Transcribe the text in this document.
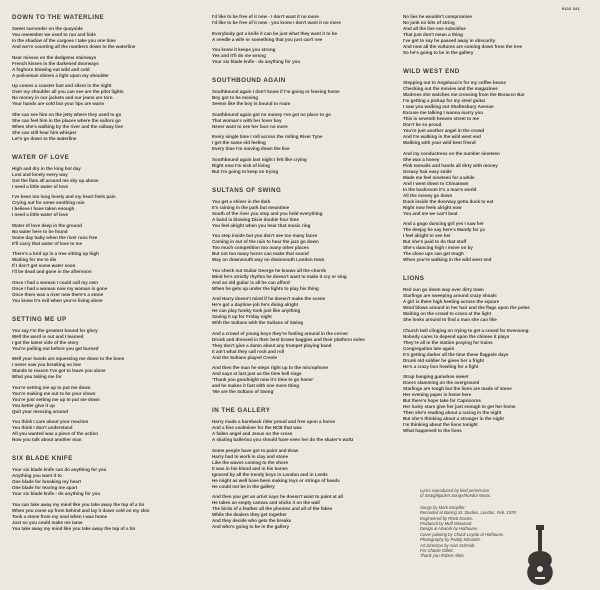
9102 021
DOWN TO THE WATERLINE
Sweet surrender on the quayside
You remember we used to run and hide
In the shadow of the cargoes I take you one time
And we're counting all the numbers down to the waterline
Near misses on the dodgems stairways
French kisses in the darkened doorways
A foghorn blowing out wild and cold
A policeman shines a light upon my shoulder
Up comes a coaster fast and silent in the night
Over my shoulder all you can see are the pilot lights
No money in our jackets and our jeans are torn
Your hands are cold but your lips are warm
She can see him on the jetty where they used to go
She can feel him in the places where the sailors go
When she's walking by the river and the railway line
She can still hear him whisper
Let's go down to the waterline
WATER OF LOVE
High and dry in the long hot day
Lost and lonely every way
Got the flats all around me sky up above
I need a little water of love
I've been too long lonely and my heart feels pain
Crying out for some soothing rain
I believe I have taken enough
I need a little water of love
Water of love deep in the ground
No water here to be found
Some day baby when the river runs free
It'll carry that water of love to me
There's a bird up in a tree sitting up high
Waiting for me to die
If I don't get some water soon
I'll be dead and gone in the afternoon
Once I had a woman I could call my own
Once I had a woman now my woman is gone
Once there was a river now there's a stone
You know it's evil when you're living alone
SETTING ME UP
You say I'm the greatest bound for glory
Well the word is out and I learned
I got the latest side of the story
You're pulling out before you get burned
Well your hands are squeezing me down to the bone
I never saw you breaking so low
Stands to reason I've got to leave you alone
What you taking me for
You're setting me up to put me down
You're making me out to be your clown
You're just setting me up to put me down
You better give it up
Quit your messing around
You think I care about your reaction
You think I don't understand
All you wanted was a piece of the action
Now you talk about another man
SIX BLADE KNIFE
Your six blade knife can do anything for you
Anything you want it to
One blade for breaking my heart
One blade for tearing me apart
Your six blade knife - do anything for you
You can take away my mind like you take away the top of a tin
When you come up from behind and lay it down cold on my skin
Took a stone from my soul when I was home
Just so you could make me tame
You take away my mind like you take away the top of a tin
I'd like to be free of it now - I don't want it no more
I'd like to be free of it now - you know I don't want it no more
Everybody got a knife it can be just what they want it to be
A needle a wife or something that you just can't see
You know it keeps you strong
Yes and it'll do me wrong
Your six blade knife - do anything for you
SOUTHBOUND AGAIN
Southbound again I don't know if I'm going or leaving home
Boy got to be moving
Seems like the boy is bound to roam
Southbound again got no money I've got no place to go
That woman's with her lover boy
Never want to see her face no more
Every single time I roll across the rolling River Tyne
I get the same old feeling
Every time I'm moving down the line
Southbound again last night I felt like crying
Right now I'm sick of living
But I'm going to keep on trying
SULTANS OF SWING
You get a shiver in the dark
It's raining in the park but meantime
South of the river you stop and you hold everything
A band is blowing Dixie double four time
You feel alright when you hear that music ring
You step inside but you don't see too many faces
Coming in out of the rain to hear the jazz go down
Too much competition too many other places
But not too many horns can make that sound
Way on downsouth way on downsouth London town
You check out Guitar George he knows all the chords
Mind he's strictly rhythm he doesn't want to make it cry or sing
And an old guitar is all he can afford
When he gets up under the lights to play his thing
And Harry doesn't mind if he doesn't make the scene
He's got a daytime job he's doing alright
He can play honky tonk just like anything
Saving it up for Friday night
With the Sultans with the Sultans of Swing
And a crowd of young boys they're fooling around in the corner
Drunk and dressed in their best brown baggies and their platform soles
They don't give a damn about any trumpet playing band
It ain't what they call rock and roll
And the Sultans played Creole
And then the man he steps right up to the microphone
And says at last just as the time bell rings
'Thank you goodnight now it's time to go home'
and he makes it fast with one more thing
'We are the Sultans of Swing'
IN THE GALLERY
Harry made a bareback rider proud and free upon a horse
And a fine coalminer for the NCB that was
A fallen angel and Jesus on the cross
A skating ballerina you should have seen her do the skater's waltz
Some people have got to paint and draw
Harry had to work in clay and stone
Like the waves coming to the shore
It was in his blood and in his bones
Ignored by all the trendy boys in London and in Leeds
He might as well have been making toys or strings of beads
He could not be in the gallery
And then you get an artist says he doesn't want to paint at all
He takes an empty canvas and sticks it on the wall
The birds of a feather all the phonies and all of the fakes
While the dealers they get together
And they decide who gets the breaks
And who's going to be in the gallery
No lies he wouldn't compromise
No junk no bits of string
And all the live ose subsidise
That just don't mean a thing
I've got to say he passed away in obscurity
And now all the vultures are coming down from the tree
So he's going to be in the gallery
WILD WEST END
Stepping out to Angelucci's for my coffee beans
Checking out the movies and the magazines
Waitress she watches me crossing from the Boracco Bar
I'm getting a pickup for my steel guitar
I saw you walking out Shaftesbury Avenue
Excuse me talking I wanna marry you
This is seventh heaven street to me
Don't be so proud
You're just another angel in the crowd
And I'm walking in the wild west end
Walking with your wild best friend
And my conductress on the number nineteen
She was a honey
Pink toenails and hands all dirty with money
Greasy hair easy smile
Made me feel nineteen for a while
And I went down to Chinatown
In the backroom it's a man's world
All the money go down
Duck inside the doorway gotta duck to eat
Right now feels alright now
You and me we can't beat
And a gogo dancing girl yes I saw her
The deejay he say here's Mandy for ya
I feel alright to see her
But she's paid to do that stuff
She's dancing high I move on by
The close ups can get tough
When you're walking in the wild west end
LIONS
Red sun go down way over dirty town
Starlings are sweeping around crazy shoals
A girl is there high heeling across the square
Wind blows around in her hair and the flags upon the poles
Waiting on the crowd to cross at the light
She looks around to find a man she can like
Church bell clinging on trying to get a crowd for Evensong
Nobody cares to depend upon the chimes it plays
They're all in the station praying for trains
Congregation late again
It's getting darker all the time these flagpole days
Drunk old soldier he gives her a fright
He's a crazy lion howling for a fight
Strap hanging gumshoe sweet
Doors slamming on the overground
Starlings are tough but the lions are made of stone
Her evening paper is home here
But there's hope take for Capricorns
Her lucky stars give her just enough to get her home
Then she's reading about a racing in the night
But she's thinking about a stranger in the night
I'm thinking about the lions tonight
What happened to the lions
Lyrics reproduced by kind permission
of Straightjacket Songs/Rondor Music.
Songs by Mark Knopfler.
Recorded at Basing St. Studios, London. Feb. 1978
Engineered by Rhett Davies.
Produced by Muff Winwood.
Design & Artwork by Hothouse.
Cover painting by Chuck Loyola at Hothouse.
Photography by Paddy Kilmartin.
Art Direction by Alan Schmidt.
For Charlie Gillett.
Thank you Robert Allen.
